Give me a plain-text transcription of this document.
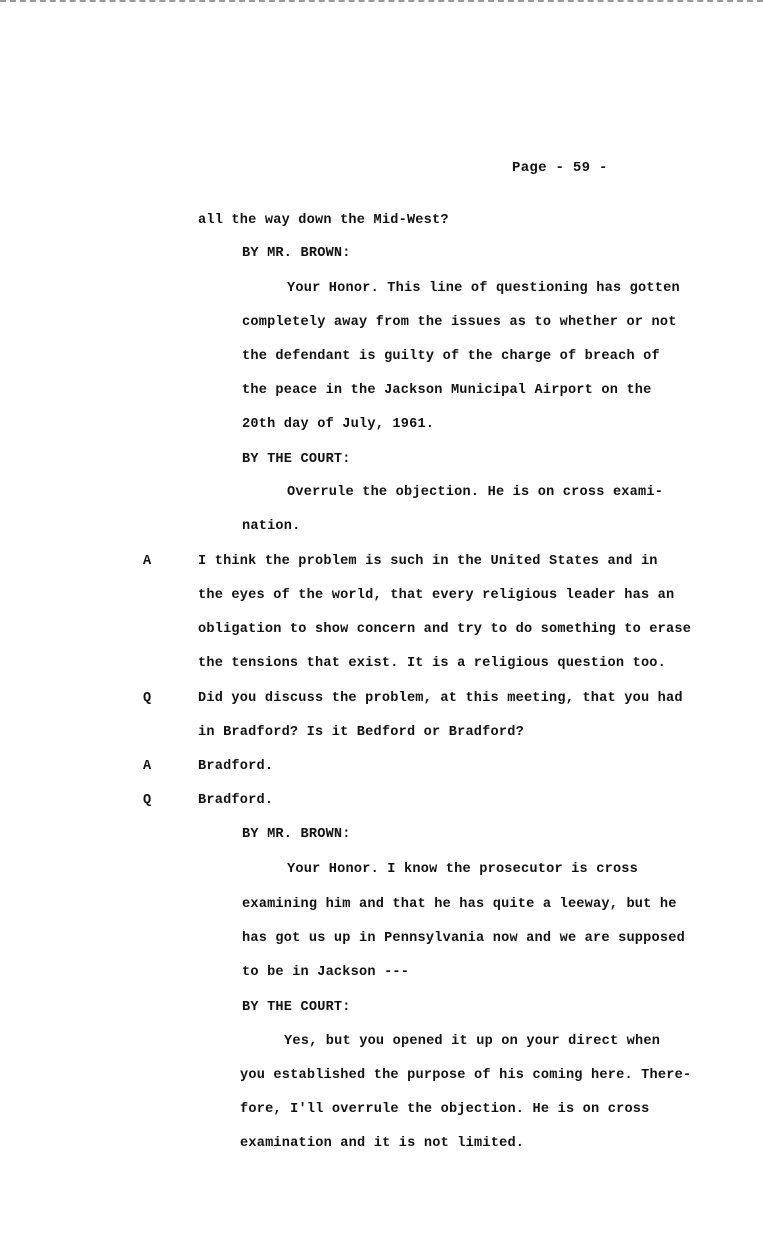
Page - 59 -
all the way down the Mid-West?
BY MR. BROWN:
Your Honor. This line of questioning has gotten
completely away from the issues as to whether or not
the defendant is guilty of the charge of breach of
the peace in the Jackson Municipal Airport on the
20th day of July, 1961.
BY THE COURT:
Overrule the objection. He is on cross exami-
nation.
A	I think the problem is such in the United States and in
the eyes of the world, that every religious leader has an
obligation to show concern and try to do something to erase
the tensions that exist. It is a religious question too.
Q	Did you discuss the problem, at this meeting, that you had
in Bradford? Is it Bedford or Bradford?
A	Bradford.
Q	Bradford.
BY MR. BROWN:
Your Honor. I know the prosecutor is cross
examining him and that he has quite a leeway, but he
has got us up in Pennsylvania now and we are supposed
to be in Jackson ---
BY THE COURT:
Yes, but you opened it up on your direct when
you established the purpose of his coming here. There-
fore, I'll overrule the objection. He is on cross
examination and it is not limited.
